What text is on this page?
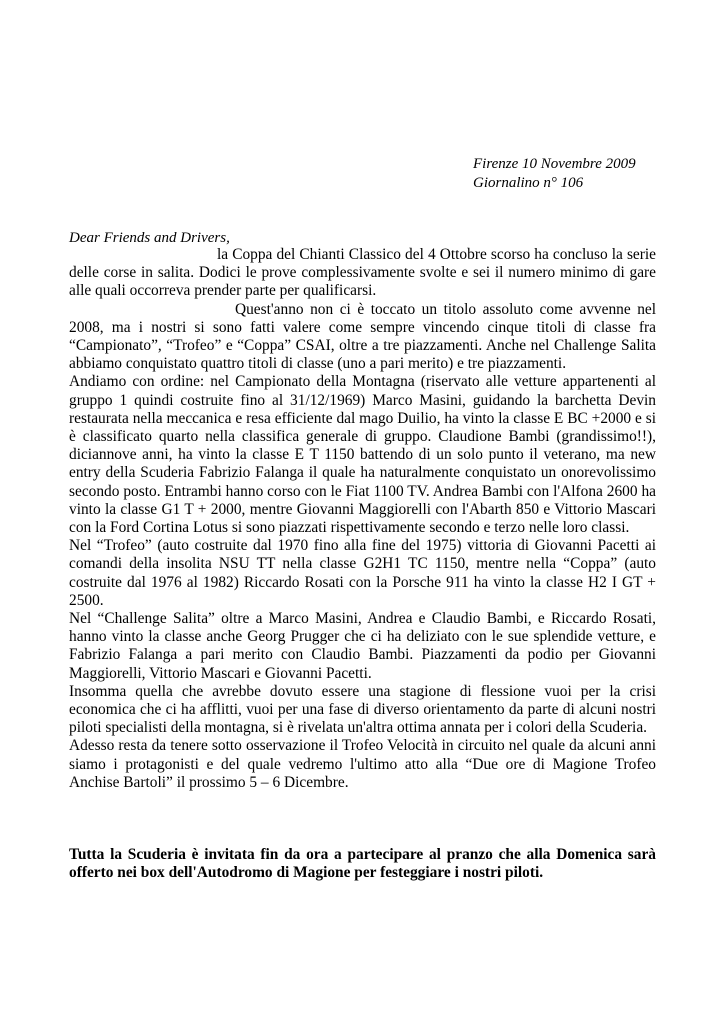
Firenze 10 Novembre 2009
Giornalino n° 106
Dear Friends and Drivers,

la Coppa del Chianti Classico del 4 Ottobre scorso ha concluso la serie delle corse in salita. Dodici le prove complessivamente svolte e sei il numero minimo di gare alle quali occorreva prender parte per qualificarsi.

Quest'anno non ci è toccato un titolo assoluto come avvenne nel 2008, ma i nostri si sono fatti valere come sempre vincendo cinque titoli di classe fra “Campionato”, “Trofeo” e “Coppa” CSAI, oltre a tre piazzamenti. Anche nel Challenge Salita abbiamo conquistato quattro titoli di classe (uno a pari merito) e tre piazzamenti.

Andiamo con ordine: nel Campionato della Montagna (riservato alle vetture appartenenti al gruppo 1 quindi costruite fino al 31/12/1969) Marco Masini, guidando la barchetta Devin restaurata nella meccanica e resa efficiente dal mago Duilio, ha vinto la classe E BC +2000 e si è classificato quarto nella classifica generale di gruppo. Claudione Bambi (grandissimo!!), diciannove anni, ha vinto la classe E T 1150 battendo di un solo punto il veterano, ma new entry della Scuderia Fabrizio Falanga il quale ha naturalmente conquistato un onorevolissimo secondo posto. Entrambi hanno corso con le Fiat 1100 TV. Andrea Bambi con l'Alfona 2600 ha vinto la classe G1 T + 2000, mentre Giovanni Maggiorelli con l'Abarth 850 e Vittorio Mascari con la Ford Cortina Lotus si sono piazzati rispettivamente secondo e terzo nelle loro classi.

Nel “Trofeo” (auto costruite dal 1970 fino alla fine del 1975) vittoria di Giovanni Pacetti ai comandi della insolita NSU TT nella classe G2H1 TC 1150, mentre nella “Coppa” (auto costruite dal 1976 al 1982) Riccardo Rosati con la Porsche 911 ha vinto la classe H2 I GT + 2500.

Nel “Challenge Salita” oltre a Marco Masini, Andrea e Claudio Bambi, e Riccardo Rosati, hanno vinto la classe anche Georg Prugger che ci ha deliziato con le sue splendide vetture, e Fabrizio Falanga a pari merito con Claudio Bambi. Piazzamenti da podio per Giovanni Maggiorelli, Vittorio Mascari e Giovanni Pacetti.

Insomma quella che avrebbe dovuto essere una stagione di flessione vuoi per la crisi economica che ci ha afflitti, vuoi per una fase di diverso orientamento da parte di alcuni nostri piloti specialisti della montagna, si è rivelata un'altra ottima annata per i colori della Scuderia.

Adesso resta da tenere sotto osservazione il Trofeo Velocità in circuito nel quale da alcuni anni siamo i protagonisti e del quale vedremo l'ultimo atto alla “Due ore di Magione Trofeo Anchise Bartoli” il prossimo 5 – 6 Dicembre.

Tutta la Scuderia è invitata fin da ora a partecipare al pranzo che alla Domenica sarà offerto nei box dell'Autodromo di Magione per festeggiare i nostri piloti.
